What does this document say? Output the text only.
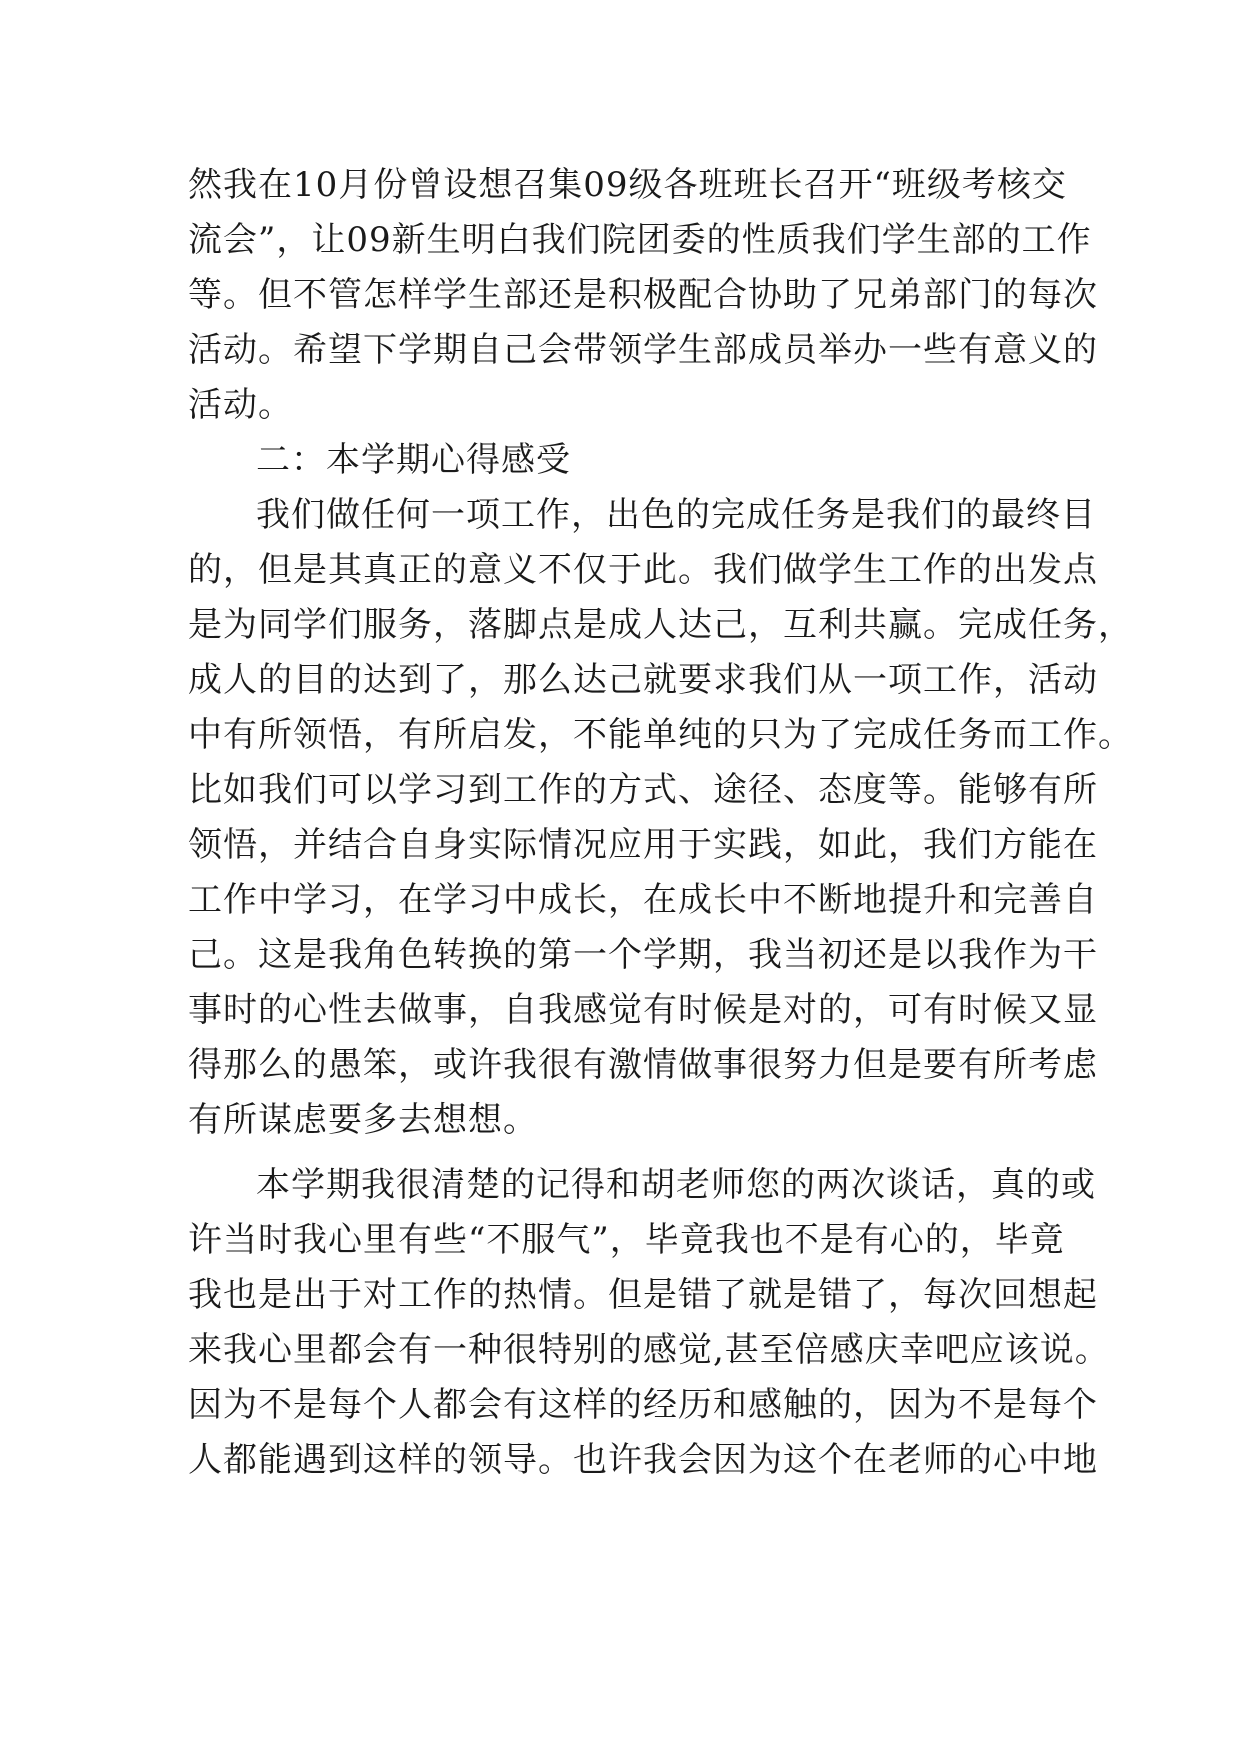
然我在10月份曾设想召集09级各班班长召开“班级考核交
流会”，让09新生明白我们院团委的性质我们学生部的工作
等。但不管怎样学生部还是积极配合协助了兄弟部门的每次
活动。希望下学期自己会带领学生部成员举办一些有意义的
活动。
二：本学期心得感受
我们做任何一项工作，出色的完成任务是我们的最终目
的，但是其真正的意义不仅于此。我们做学生工作的出发点
是为同学们服务，落脚点是成人达己，互利共赢。完成任务，
成人的目的达到了，那么达己就要求我们从一项工作，活动
中有所领悟，有所启发，不能单纯的只为了完成任务而工作。
比如我们可以学习到工作的方式、途径、态度等。能够有所
领悟，并结合自身实际情况应用于实践，如此，我们方能在
工作中学习，在学习中成长，在成长中不断地提升和完善自
己。这是我角色转换的第一个学期，我当初还是以我作为干
事时的心性去做事，自我感觉有时候是对的，可有时候又显
得那么的愚笨，或许我很有激情做事很努力但是要有所考虑
有所谋虑要多去想想。
本学期我很清楚的记得和胡老师您的两次谈话，真的或
许当时我心里有些“不服气”，毕竟我也不是有心的，毕竟
我也是出于对工作的热情。但是错了就是错了，每次回想起
来我心里都会有一种很特别的感觉,甚至倍感庆幸吧应该说。
因为不是每个人都会有这样的经历和感触的，因为不是每个
人都能遇到这样的领导。也许我会因为这个在老师的心中地
